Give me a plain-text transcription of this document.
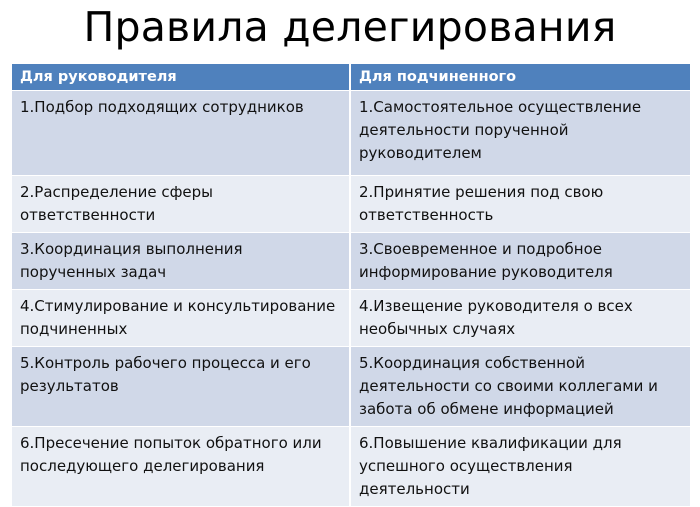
Правила делегирования
Для руководителя	Для подчиненного
1.Подбор подходящих сотрудников	1.Самостоятельное осуществление деятельности порученной руководителем
2.Распределение сферы ответственности	2.Принятие решения под свою ответственность
3.Координация выполнения порученных задач	3.Своевременное и подробное информирование руководителя
4.Стимулирование и консультирование подчиненных	4.Извещение руководителя о всех необычных случаях
5.Контроль рабочего процесса и его результатов	5.Координация собственной деятельности со своими коллегами и забота об обмене информацией
6.Пресечение попыток обратного или последующего делегирования	6.Повышение квалификации для успешного осуществления деятельности
